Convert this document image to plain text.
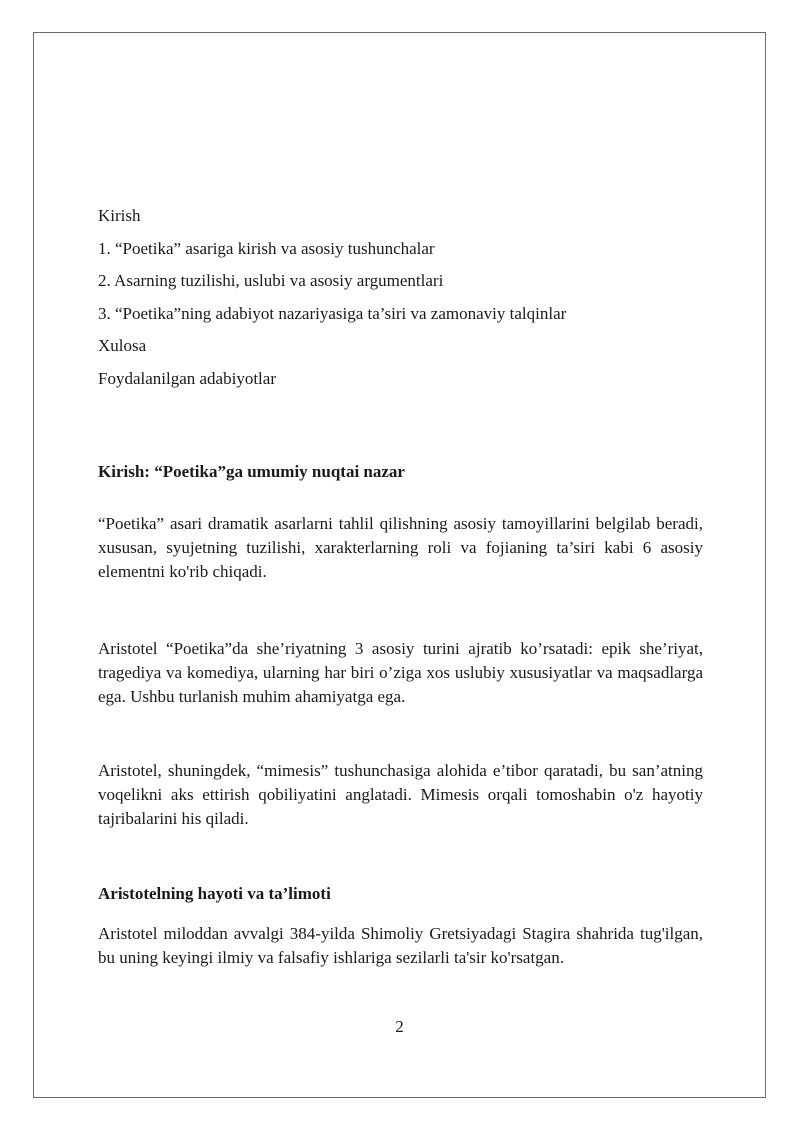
Kirish
1. “Poetika” asariga kirish va asosiy tushunchalar
2. Asarning tuzilishi, uslubi va asosiy argumentlari
3. “Poetika”ning adabiyot nazariyasiga ta’siri va zamonaviy talqinlar
Xulosa
Foydalanilgan adabiyotlar
Kirish: “Poetika”ga umumiy nuqtai nazar
“Poetika” asari dramatik asarlarni tahlil qilishning asosiy tamoyillarini belgilab beradi, xususan, syujetning tuzilishi, xarakterlarning roli va fojianing ta’siri kabi 6 asosiy elementni ko'rib chiqadi.
Aristotel “Poetika”da she’riyatning 3 asosiy turini ajratib ko’rsatadi: epik she’riyat, tragediya va komediya, ularning har biri o’ziga xos uslubiy xususiyatlar va maqsadlarga ega. Ushbu turlanish muhim ahamiyatga ega.
Aristotel, shuningdek, “mimesis” tushunchasiga alohida e’tibor qaratadi, bu san’atning voqelikni aks ettirish qobiliyatini anglatadi. Mimesis orqali tomoshabin o'z hayotiy tajribalarini his qiladi.
Aristotelning hayoti va ta’limoti
Aristotel miloddan avvalgi 384-yilda Shimoliy Gretsiyadagi Stagira shahrida tug'ilgan, bu uning keyingi ilmiy va falsafiy ishlariga sezilarli ta'sir ko'rsatgan.
2
